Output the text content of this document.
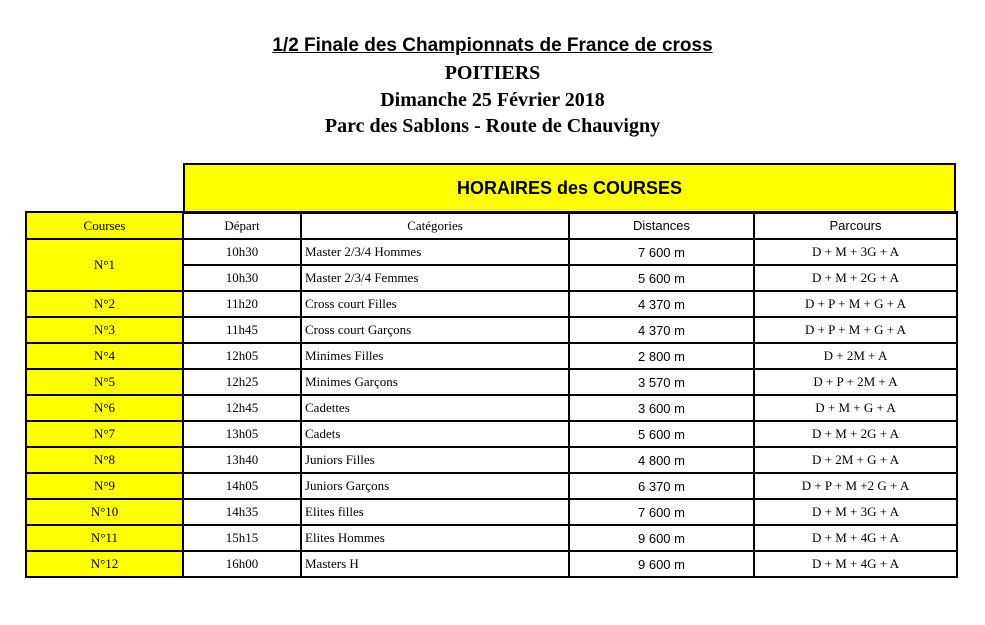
1/2 Finale des Championnats de France de cross
POITIERS
Dimanche 25 Février 2018
Parc des Sablons - Route de Chauvigny
HORAIRES des COURSES
Courses	Départ	Catégories	Distances	Parcours
N°1	10h30	Master 2/3/4 Hommes	7 600 m	D + M + 3G + A
	10h30	Master 2/3/4 Femmes	5 600 m	D + M + 2G + A
N°2	11h20	Cross court Filles	4 370 m	D + P + M + G + A
N°3	11h45	Cross court Garçons	4 370 m	D + P + M + G + A
N°4	12h05	Minimes Filles	2 800 m	D + 2M + A
N°5	12h25	Minimes Garçons	3 570 m	D + P + 2M + A
N°6	12h45	Cadettes	3 600 m	D + M + G + A
N°7	13h05	Cadets	5 600 m	D + M + 2G + A
N°8	13h40	Juniors Filles	4 800 m	D + 2M + G + A
N°9	14h05	Juniors Garçons	6 370 m	D + P + M +2 G + A
N°10	14h35	Elites filles	7 600 m	D + M + 3G + A
N°11	15h15	Elites Hommes	9 600 m	D + M + 4G + A
N°12	16h00	Masters H	9 600 m	D + M + 4G + A
